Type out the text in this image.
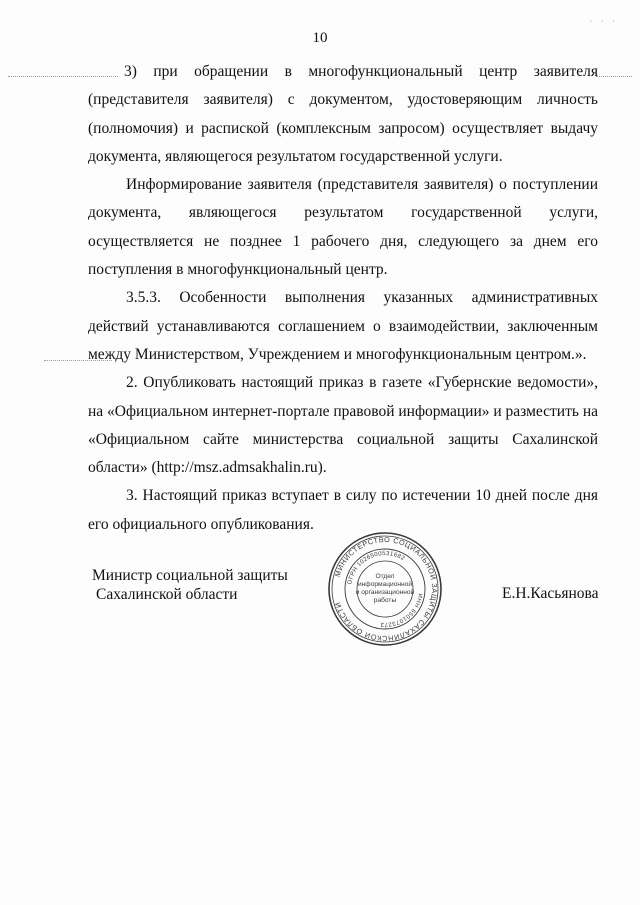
· · ·
10

3) при обращении в многофункциональный центр заявителя (представителя заявителя) с документом, удостоверяющим личность (полномочия) и распиской (комплексным запросом) осуществляет выдачу документа, являющегося результатом государственной услуги.

Информирование заявителя (представителя заявителя) о поступлении документа, являющегося результатом государственной услуги, осуществляется не позднее 1 рабочего дня, следующего за днем его поступления в многофункциональный центр.

3.5.3. Особенности выполнения указанных административных действий устанавливаются соглашением о взаимодействии, заключенным между Министерством, Учреждением и многофункциональным центром.».

2. Опубликовать настоящий приказ в газете «Губернские ведомости», на «Официальном интернет-портале правовой информации» и разместить на «Официальном сайте министерства социальной защиты Сахалинской области» (http://msz.admsakhalin.ru).

3. Настоящий приказ вступает в силу по истечении 10 дней после дня его официального опубликования.

Министр социальной защиты
Сахалинской области
МИНИСТЕРСТВО СОЦИАЛЬНОЙ ЗАЩИТЫ САХАЛИНСКОЙ ОБЛАСТИ
ОГРН 1026500531682
ИНН 6501073273
Отдел
информационной
и организационной
работы	Е.Н.Касьянова
